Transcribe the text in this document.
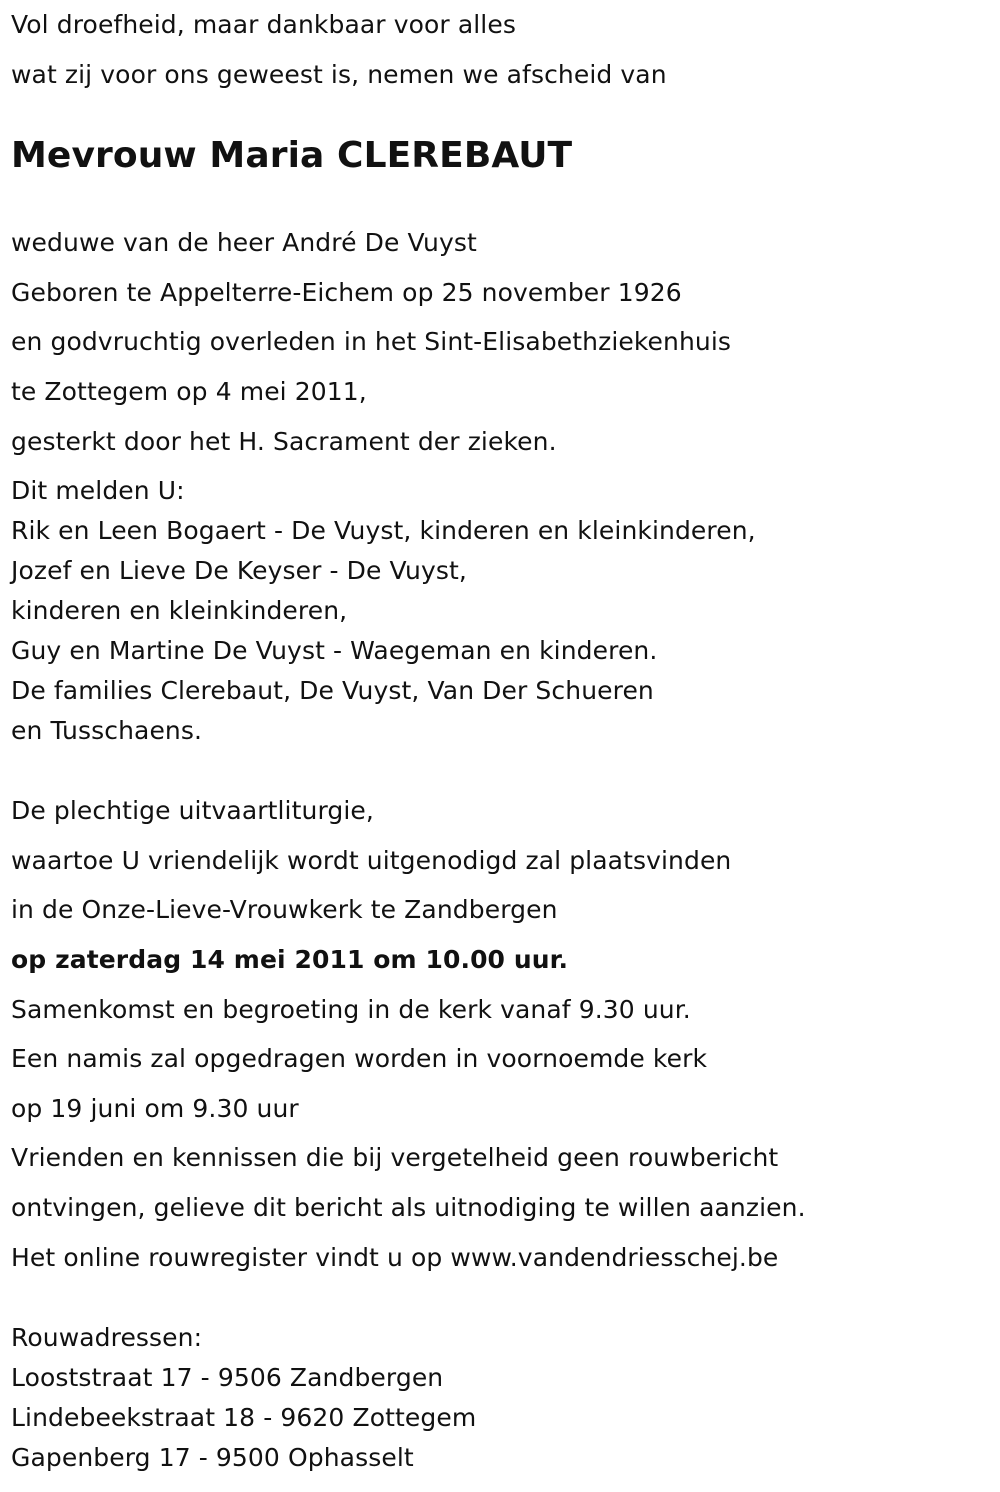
Vol droefheid, maar dankbaar voor alles
wat zij voor ons geweest is, nemen we afscheid van
Mevrouw Maria CLEREBAUT
weduwe van de heer André De Vuyst
Geboren te Appelterre-Eichem op 25 november 1926
en godvruchtig overleden in het Sint-Elisabethziekenhuis
te Zottegem op 4 mei 2011,
gesterkt door het H. Sacrament der zieken.
Dit melden U:
Rik en Leen Bogaert - De Vuyst, kinderen en kleinkinderen,
Jozef en Lieve De Keyser - De Vuyst,
kinderen en kleinkinderen,
Guy en Martine De Vuyst - Waegeman en kinderen.
De families Clerebaut, De Vuyst, Van Der Schueren
en Tusschaens.
De plechtige uitvaartliturgie,
waartoe U vriendelijk wordt uitgenodigd zal plaatsvinden
in de Onze-Lieve-Vrouwkerk te Zandbergen
op zaterdag 14 mei 2011 om 10.00 uur.
Samenkomst en begroeting in de kerk vanaf 9.30 uur.
Een namis zal opgedragen worden in voornoemde kerk
op 19 juni om 9.30 uur
Vrienden en kennissen die bij vergetelheid geen rouwbericht
ontvingen, gelieve dit bericht als uitnodiging te willen aanzien.
Het online rouwregister vindt u op www.vandendriesschej.be
Rouwadressen:
Looststraat 17 - 9506 Zandbergen
Lindebeekstraat 18 - 9620 Zottegem
Gapenberg 17 - 9500 Ophasselt
